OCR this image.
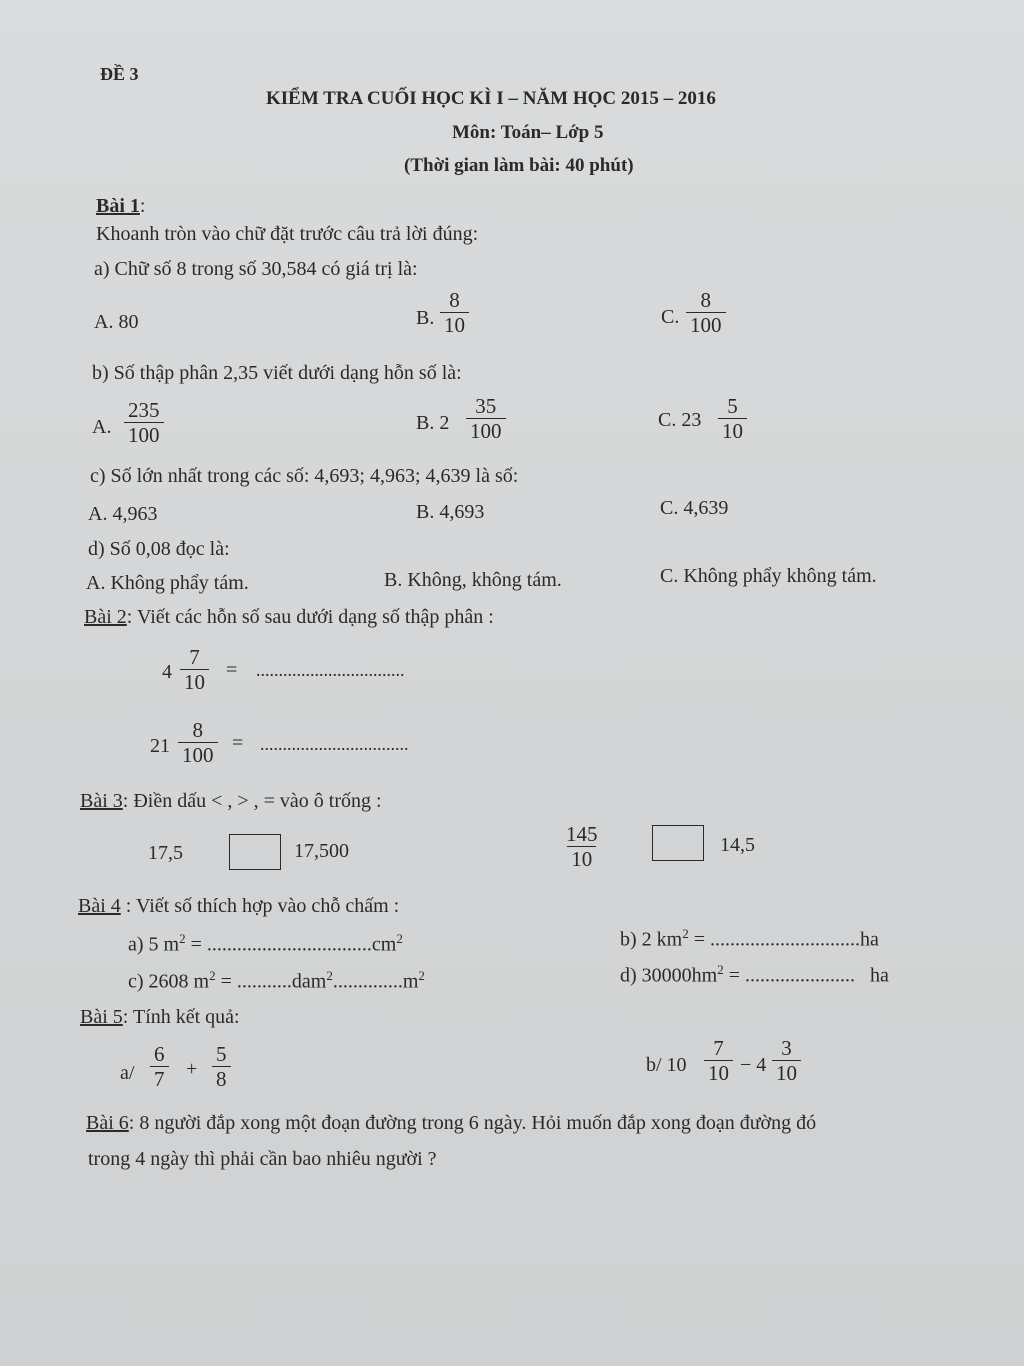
ĐỀ 3
KIỂM TRA CUỐI HỌC KÌ I – NĂM HỌC 2015 – 2016
Môn: Toán– Lớp 5
(Thời gian làm bài: 40 phút)
Bài 1:
Khoanh tròn vào chữ đặt trước câu trả lời đúng:
a) Chữ số 8 trong số 30,584 có giá trị là:
A. 80	B. $\frac{8}{10}$	C. $\frac{8}{100}$
b) Số thập phân 2,35 viết dưới dạng hỗn số là:
A. $\frac{235}{100}$	B. $2 \frac{35}{100}$	C. $23 \frac{5}{10}$
c) Số lớn nhất trong các số: 4,693; 4,963; 4,639 là số:
A. 4,963	B. 4,693	C. 4,639
d) Số 0,08 đọc là:
A. Không phẩy tám.	B. Không, không tám.	C. Không phẩy không tám.
Bài 2: Viết các hỗn số sau dưới dạng số thập phân :
$4 \frac{7}{10}$ = .................................
$21 \frac{8}{100}$ = .................................
Bài 3: Điền dấu < , > , = vào ô trống :
17,5	17,500	$\frac{145}{10}$	14,5
Bài 4 : Viết số thích hợp vào chỗ chấm :
a) 5 $m^2 = .................................cm^2$	b) 2 $km^2 = ..............................ha$
c) 2608 $m^2 = ...........dam^2..............m^2$	d) $30000hm^2$ = ...................... ha
Bài 5: Tính kết quả:
$a/ \frac{6}{7} + \frac{5}{8}$	b/ $10 \frac{7}{10} - 4 \frac{3}{10}$
Bài 6: 8 người đắp xong một đoạn đường trong 6 ngày. Hỏi muốn đắp xong đoạn đường đó
trong 4 ngày thì phải cần bao nhiêu người ?
